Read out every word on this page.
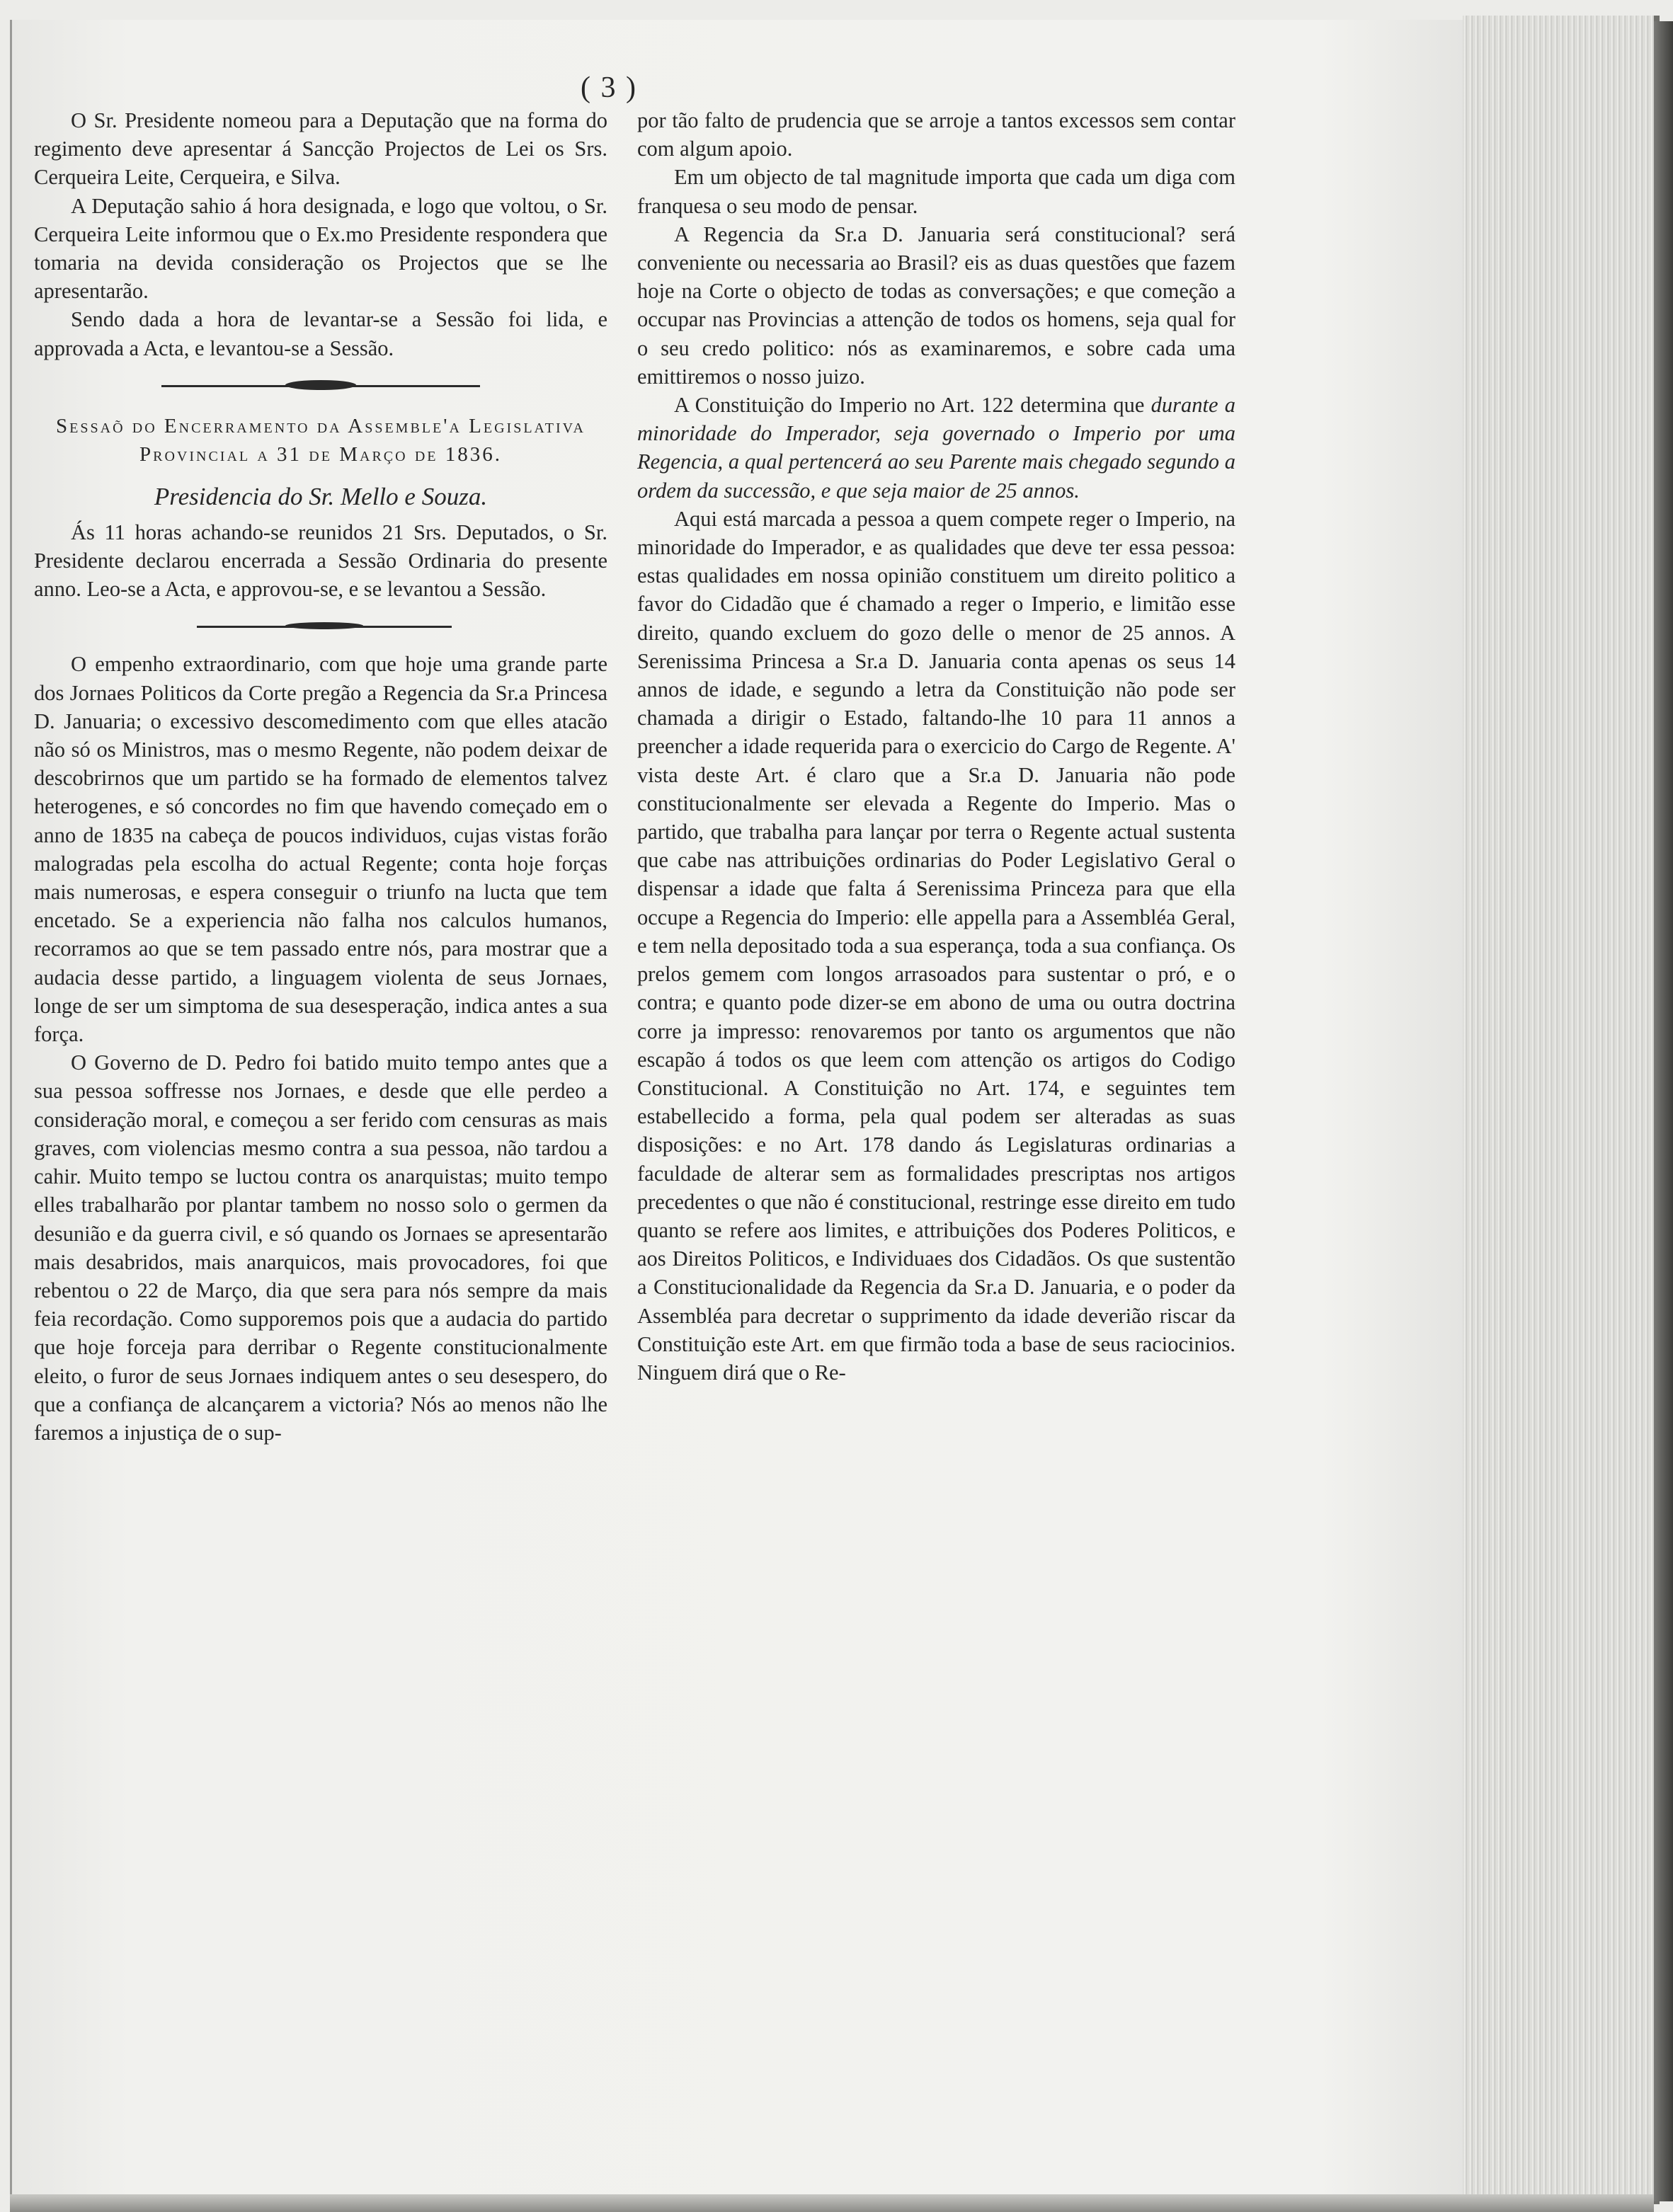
( 3 )

O Sr. Presidente nomeou para a Deputação que na forma do regimento deve apresentar á Sancção Projectos de Lei os Srs. Cerqueira Leite, Cerqueira, e Silva.

A Deputação sahio á hora designada, e logo que voltou, o Sr. Cerqueira Leite informou que o Ex.mo Presidente respondera que tomaria na devida consideração os Projectos que se lhe apresentarão.

Sendo dada a hora de levantar-se a Sessão foi lida, e approvada a Acta, e levantou-se a Sessão.

Sessaõ do Encerramento da Assemble'a Legislativa Provincial a 31 de Março de 1836.
Presidencia do Sr. Mello e Souza.

Ás 11 horas achando-se reunidos 21 Srs. Deputados, o Sr. Presidente declarou encerrada a Sessão Ordinaria do presente anno. Leo-se a Acta, e approvou-se, e se levantou a Sessão.

O empenho extraordinario, com que hoje uma grande parte dos Jornaes Politicos da Corte pregão a Regencia da Sr.a Princesa D. Januaria; o excessivo descomedimento com que elles atacão não só os Ministros, mas o mesmo Regente, não podem deixar de descobrirnos que um partido se ha formado de elementos talvez heterogenes, e só concordes no fim que havendo começado em o anno de 1835 na cabeça de poucos individuos, cujas vistas forão malogradas pela escolha do actual Regente; conta hoje forças mais numerosas, e espera conseguir o triunfo na lucta que tem encetado. Se a experiencia não falha nos calculos humanos, recorramos ao que se tem passado entre nós, para mostrar que a audacia desse partido, a linguagem violenta de seus Jornaes, longe de ser um simptoma de sua desesperação, indica antes a sua força.

O Governo de D. Pedro foi batido muito tempo antes que a sua pessoa soffresse nos Jornaes, e desde que elle perdeo a consideração moral, e começou a ser ferido com censuras as mais graves, com violencias mesmo contra a sua pessoa, não tardou a cahir. Muito tempo se luctou contra os anarquistas; muito tempo elles trabalharão por plantar tambem no nosso solo o germen da desunião e da guerra civil, e só quando os Jornaes se apresentarão mais desabridos, mais anarquicos, mais provocadores, foi que rebentou o 22 de Março, dia que sera para nós sempre da mais feia recordação. Como supporemos pois que a audacia do partido que hoje forceja para derribar o Regente constitucionalmente eleito, o furor de seus Jornaes indiquem antes o seu desespero, do que a confiança de alcançarem a victoria? Nós ao menos não lhe faremos a injustiça de o sup-

por tão falto de prudencia que se arroje a tantos excessos sem contar com algum apoio.

Em um objecto de tal magnitude importa que cada um diga com franquesa o seu modo de pensar.

A Regencia da Sr.a D. Januaria será constitucional? será conveniente ou necessaria ao Brasil? eis as duas questões que fazem hoje na Corte o objecto de todas as conversações; e que começão a occupar nas Provincias a attenção de todos os homens, seja qual for o seu credo politico: nós as examinaremos, e sobre cada uma emittiremos o nosso juizo.

A Constituição do Imperio no Art. 122 determina que durante a minoridade do Imperador, seja governado o Imperio por uma Regencia, a qual pertencerá ao seu Parente mais chegado segundo a ordem da successão, e que seja maior de 25 annos.

Aqui está marcada a pessoa a quem compete reger o Imperio, na minoridade do Imperador, e as qualidades que deve ter essa pessoa: estas qualidades em nossa opinião constituem um direito politico a favor do Cidadão que é chamado a reger o Imperio, e limitão esse direito, quando excluem do gozo delle o menor de 25 annos. A Serenissima Princesa a Sr.a D. Januaria conta apenas os seus 14 annos de idade, e segundo a letra da Constituição não pode ser chamada a dirigir o Estado, faltando-lhe 10 para 11 annos a preencher a idade requerida para o exercicio do Cargo de Regente. A' vista deste Art. é claro que a Sr.a D. Januaria não pode constitucionalmente ser elevada a Regente do Imperio. Mas o partido, que trabalha para lançar por terra o Regente actual sustenta que cabe nas attribuições ordinarias do Poder Legislativo Geral o dispensar a idade que falta á Serenissima Princeza para que ella occupe a Regencia do Imperio: elle appella para a Assembléa Geral, e tem nella depositado toda a sua esperança, toda a sua confiança. Os prelos gemem com longos arrasoados para sustentar o pró, e o contra; e quanto pode dizer-se em abono de uma ou outra doctrina corre ja impresso: renovaremos por tanto os argumentos que não escapão á todos os que leem com attenção os artigos do Codigo Constitucional. A Constituição no Art. 174, e seguintes tem estabellecido a forma, pela qual podem ser alteradas as suas disposições: e no Art. 178 dando ás Legislaturas ordinarias a faculdade de alterar sem as formalidades prescriptas nos artigos precedentes o que não é constitucional, restringe esse direito em tudo quanto se refere aos limites, e attribuições dos Poderes Politicos, e aos Direitos Politicos, e Individuaes dos Cidadãos. Os que sustentão a Constitucionalidade da Regencia da Sr.a D. Januaria, e o poder da Assembléa para decretar o supprimento da idade deverião riscar da Constituição este Art. em que firmão toda a base de seus raciocinios. Ninguem dirá que o Re-
